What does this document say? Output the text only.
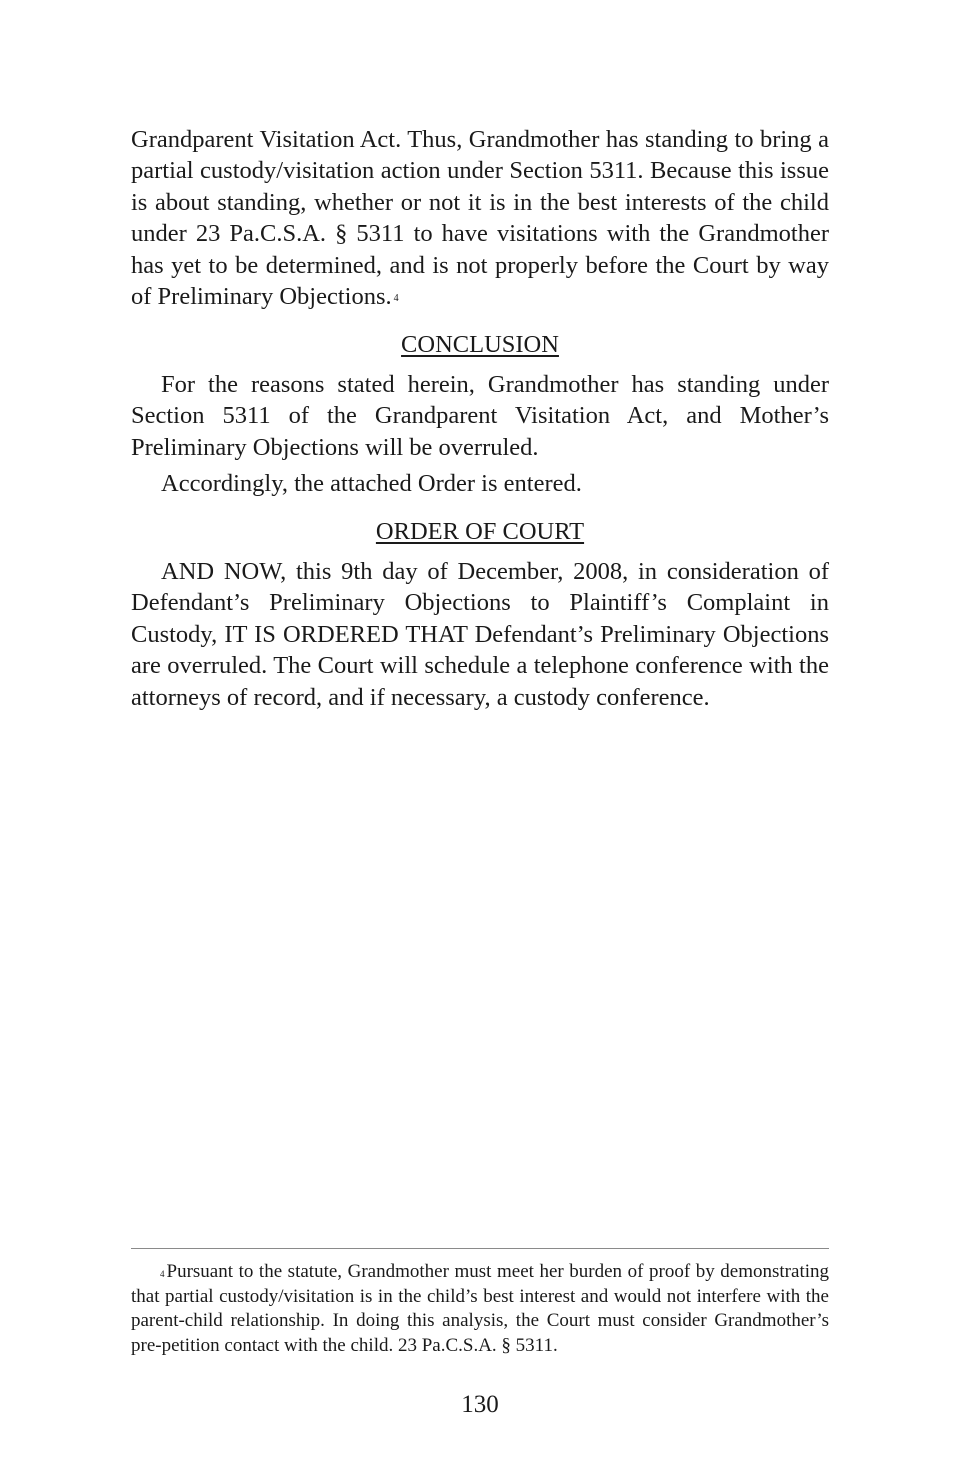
Grandparent Visitation Act. Thus, Grandmother has standing to bring a partial custody/visitation action under Section 5311. Because this issue is about standing, whether or not it is in the best interests of the child under 23 Pa.C.S.A. § 5311 to have visitations with the Grandmother has yet to be determined, and is not properly before the Court by way of Preliminary Objections. $^4$

CONCLUSION

For the reasons stated herein, Grandmother has standing under Section 5311 of the Grandparent Visitation Act, and Mother’s Preliminary Objections will be overruled.

Accordingly, the attached Order is entered.

ORDER OF COURT

AND NOW, this 9th day of December, 2008, in consideration of Defendant’s Preliminary Objections to Plaintiff’s Complaint in Custody, IT IS ORDERED THAT Defendant’s Preliminary Objections are overruled. The Court will schedule a telephone conference with the attorneys of record, and if necessary, a custody conference.

$^4$ Pursuant to the statute, Grandmother must meet her burden of proof by demonstrating that partial custody/visitation is in the child’s best interest and would not interfere with the parent-child relationship. In doing this analysis, the Court must consider Grandmother’s pre-petition contact with the child. 23 Pa.C.S.A. § 5311.

130
